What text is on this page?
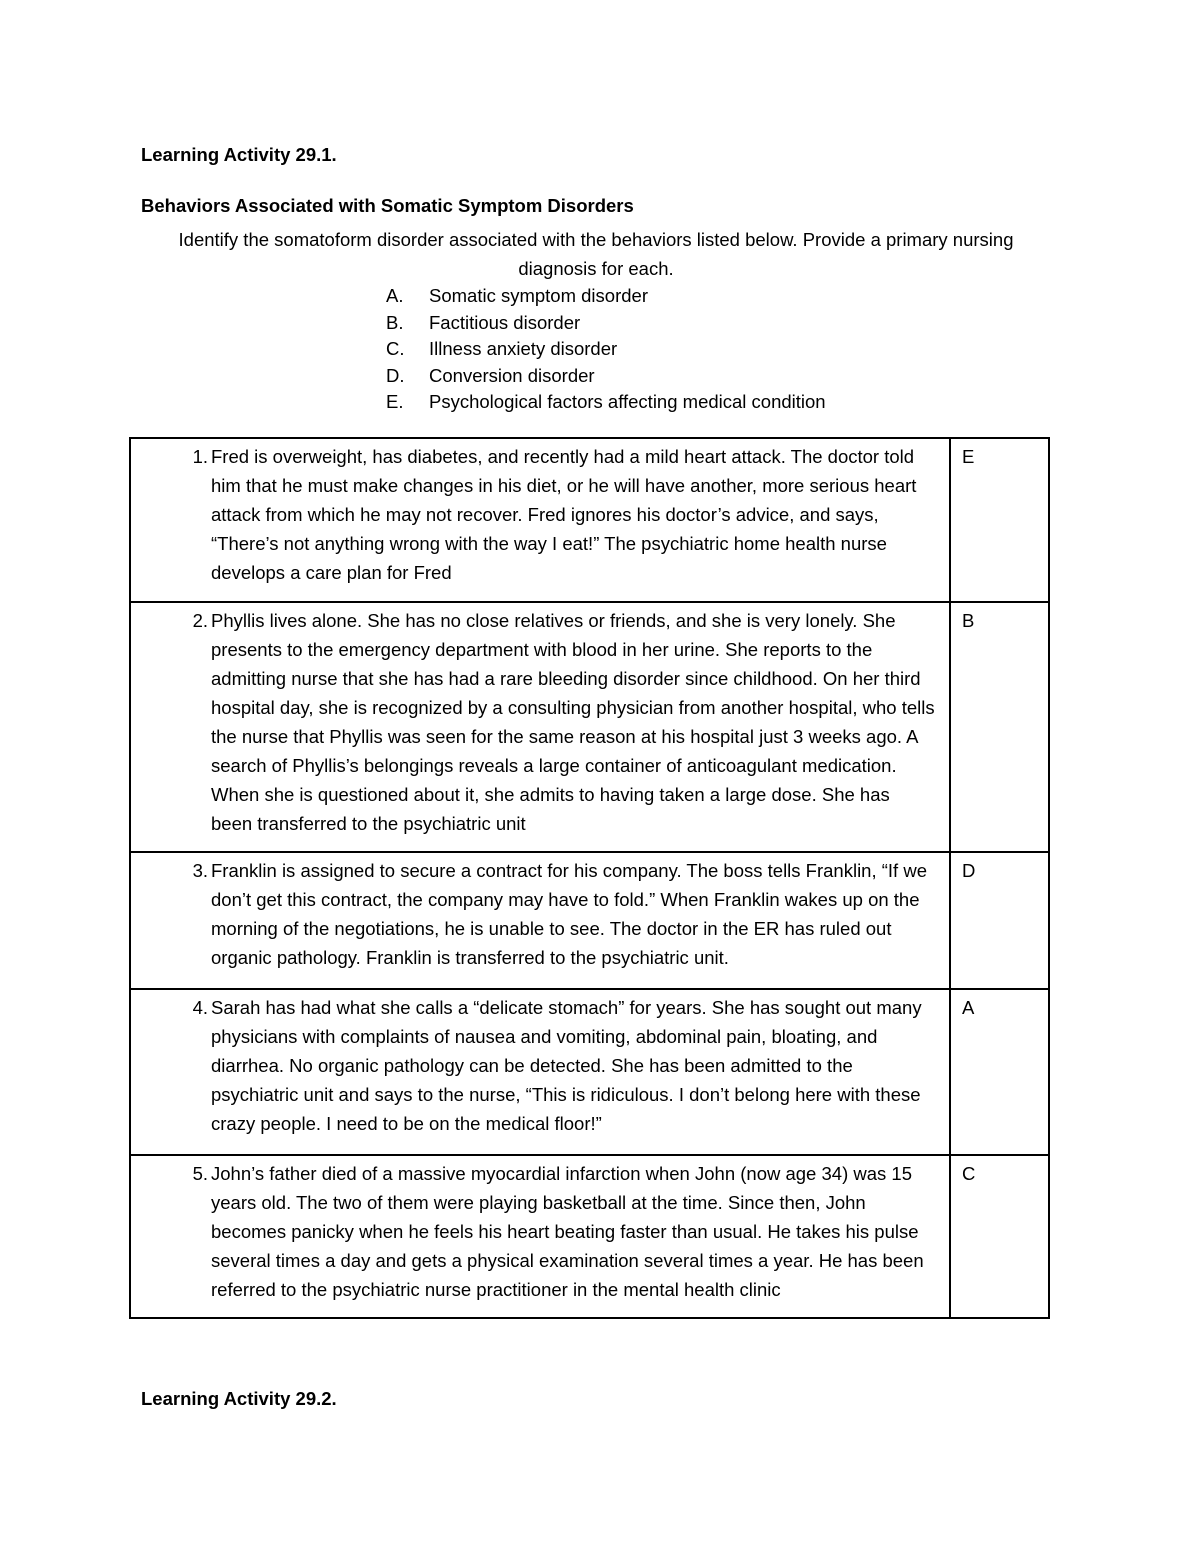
Learning Activity 29.1.
Behaviors Associated with Somatic Symptom Disorders
Identify the somatoform disorder associated with the behaviors listed below. Provide a primary nursing diagnosis for each.
A. Somatic symptom disorder
B. Factitious disorder
C. Illness anxiety disorder
D. Conversion disorder
E. Psychological factors affecting medical condition
1. Fred is overweight, has diabetes, and recently had a mild heart attack. The doctor told him that he must make changes in his diet, or he will have another, more serious heart attack from which he may not recover. Fred ignores his doctor’s advice, and says, “There’s not anything wrong with the way I eat!” The psychiatric home health nurse develops a care plan for Fred	E

2. Phyllis lives alone. She has no close relatives or friends, and she is very lonely. She presents to the emergency department with blood in her urine. She reports to the admitting nurse that she has had a rare bleeding disorder since childhood. On her third hospital day, she is recognized by a consulting physician from another hospital, who tells the nurse that Phyllis was seen for the same reason at his hospital just 3 weeks ago. A search of Phyllis’s belongings reveals a large container of anticoagulant medication. When she is questioned about it, she admits to having taken a large dose. She has been transferred to the psychiatric unit	B

3. Franklin is assigned to secure a contract for his company. The boss tells Franklin, “If we don’t get this contract, the company may have to fold.” When Franklin wakes up on the morning of the negotiations, he is unable to see. The doctor in the ER has ruled out organic pathology. Franklin is transferred to the psychiatric unit.	D

4. Sarah has had what she calls a “delicate stomach” for years. She has sought out many physicians with complaints of nausea and vomiting, abdominal pain, bloating, and diarrhea. No organic pathology can be detected. She has been admitted to the psychiatric unit and says to the nurse, “This is ridiculous. I don’t belong here with these crazy people. I need to be on the medical floor!”	A

5. John’s father died of a massive myocardial infarction when John (now age 34) was 15 years old. The two of them were playing basketball at the time. Since then, John becomes panicky when he feels his heart beating faster than usual. He takes his pulse several times a day and gets a physical examination several times a year. He has been referred to the psychiatric nurse practitioner in the mental health clinic	C
Learning Activity 29.2.
